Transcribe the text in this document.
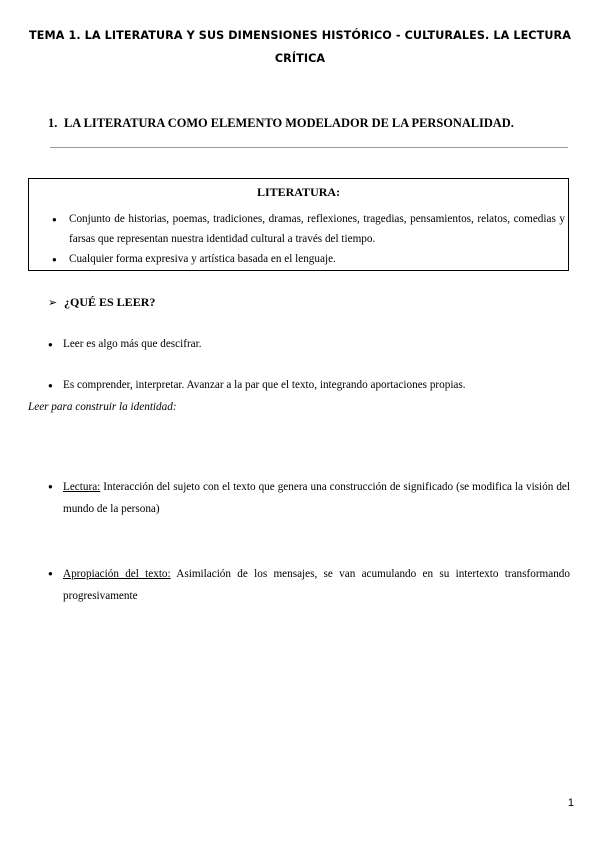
TEMA 1. LA LITERATURA Y SUS DIMENSIONES HISTÓRICO - CULTURALES. LA LECTURA CRÍTICA
1. LA LITERATURA COMO ELEMENTO MODELADOR DE LA PERSONALIDAD.
LITERATURA:
●	Conjunto de historias, poemas, tradiciones, dramas, reflexiones, tragedias, pensamientos, relatos, comedias y farsas que representan nuestra identidad cultural a través del tiempo.
●	Cualquier forma expresiva y artística basada en el lenguaje.
➢ ¿QUÉ ES LEER?
● Leer es algo más que descifrar.
● Es comprender, interpretar. Avanzar a la par que el texto, integrando aportaciones propias.
Leer para construir la identidad:
● Lectura: Interacción del sujeto con el texto que genera una construcción de significado (se modifica la visión del mundo de la persona)
● Apropiación del texto: Asimilación de los mensajes, se van acumulando en su intertexto transformando progresivamente
1
